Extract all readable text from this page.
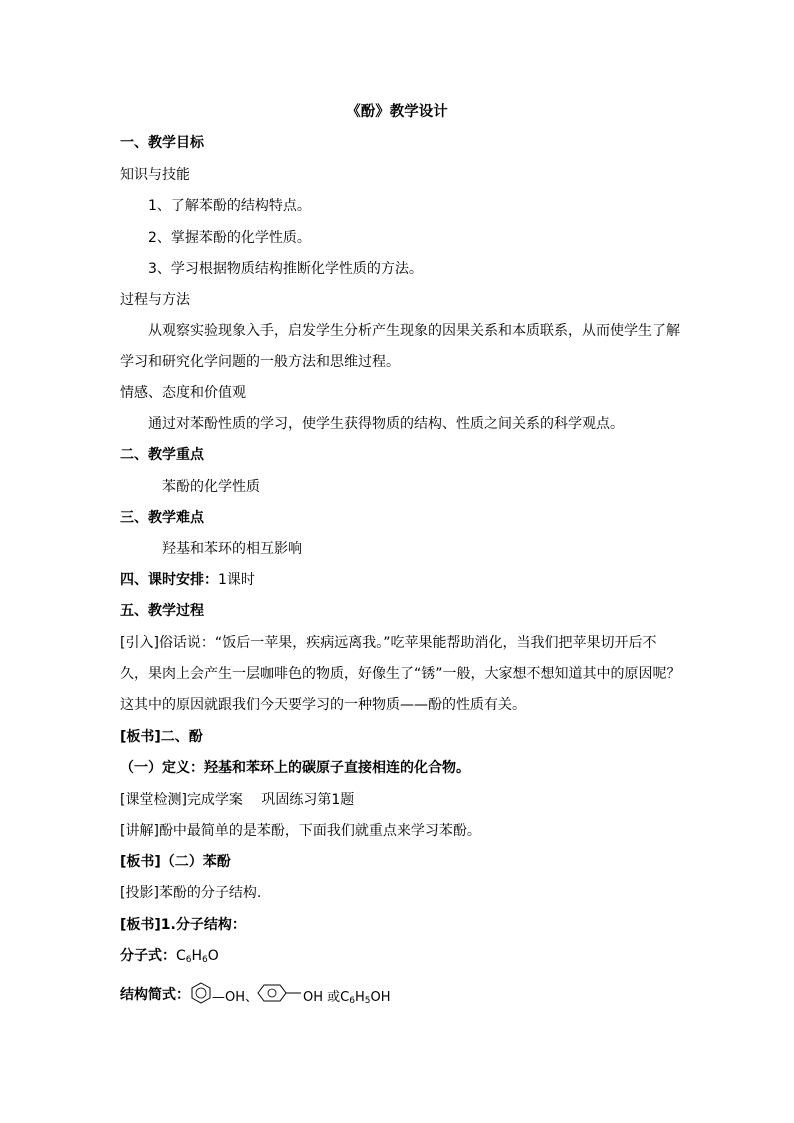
《酚》教学设计
一、教学目标
知识与技能
1、了解苯酚的结构特点。
2、掌握苯酚的化学性质。
3、学习根据物质结构推断化学性质的方法。
过程与方法
从观察实验现象入手，启发学生分析产生现象的因果关系和本质联系，从而使学生了解
学习和研究化学问题的一般方法和思维过程。
情感、态度和价值观
通过对苯酚性质的学习，使学生获得物质的结构、性质之间关系的科学观点。
二、教学重点
苯酚的化学性质
三、教学难点
羟基和苯环的相互影响
四、课时安排：1课时
五、教学过程
[引入]俗话说：“饭后一苹果，疾病远离我。”吃苹果能帮助消化，当我们把苹果切开后不
久，果肉上会产生一层咖啡色的物质，好像生了“锈”一般，大家想不想知道其中的原因呢？
这其中的原因就跟我们今天要学习的一种物质——酚的性质有关。
[板书]二、酚
（一）定义：羟基和苯环上的碳原子直接相连的化合物。
[课堂检测]完成学案　 巩固练习第1题
[讲解]酚中最简单的是苯酚，下面我们就重点来学习苯酚。
[板书]（二）苯酚
[投影]苯酚的分子结构.
[板书]1.分子结构：
分子式：$C_6H_6O$
结构简式： —OH、	OH 或$C_6H_5OH$
